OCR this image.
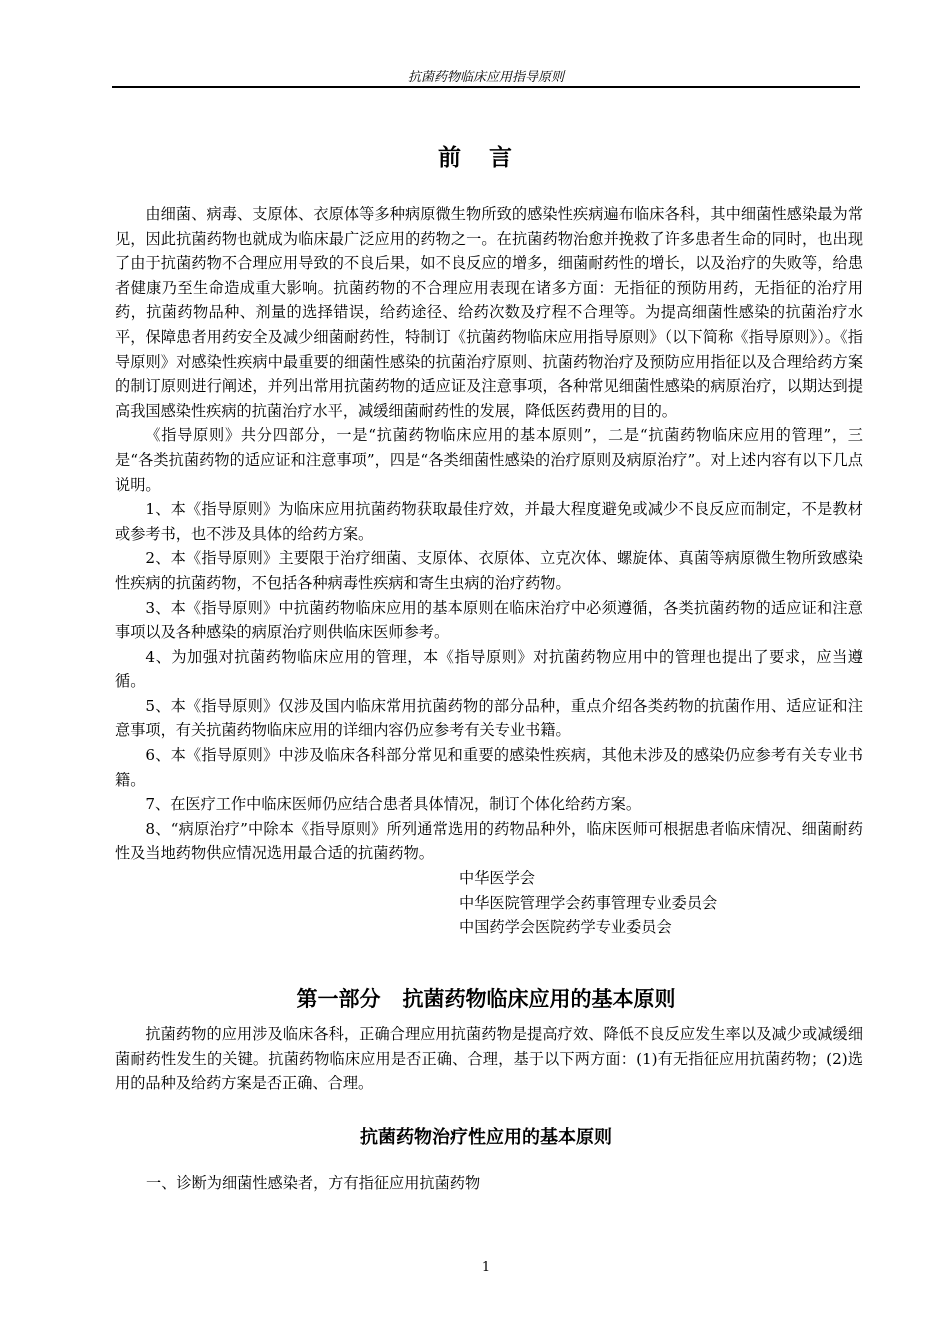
抗菌药物临床应用指导原则
前言

由细菌、病毒、支原体、衣原体等多种病原微生物所致的感染性疾病遍布临床各科，其中细菌性感染最为常见，因此抗菌药物也就成为临床最广泛应用的药物之一。在抗菌药物治愈并挽救了许多患者生命的同时，也出现了由于抗菌药物不合理应用导致的不良后果，如不良反应的增多，细菌耐药性的增长，以及治疗的失败等，给患者健康乃至生命造成重大影响。抗菌药物的不合理应用表现在诸多方面：无指征的预防用药，无指征的治疗用药，抗菌药物品种、剂量的选择错误，给药途径、给药次数及疗程不合理等。为提高细菌性感染的抗菌治疗水平，保障患者用药安全及减少细菌耐药性，特制订《抗菌药物临床应用指导原则》（以下简称《指导原则》）。《指导原则》对感染性疾病中最重要的细菌性感染的抗菌治疗原则、抗菌药物治疗及预防应用指征以及合理给药方案的制订原则进行阐述，并列出常用抗菌药物的适应证及注意事项，各种常见细菌性感染的病原治疗，以期达到提高我国感染性疾病的抗菌治疗水平，减缓细菌耐药性的发展，降低医药费用的目的。

《指导原则》共分四部分，一是“抗菌药物临床应用的基本原则”，二是“抗菌药物临床应用的管理”，三是“各类抗菌药物的适应证和注意事项”，四是“各类细菌性感染的治疗原则及病原治疗”。对上述内容有以下几点说明。

1、本《指导原则》为临床应用抗菌药物获取最佳疗效，并最大程度避免或减少不良反应而制定，不是教材或参考书，也不涉及具体的给药方案。

2、本《指导原则》主要限于治疗细菌、支原体、衣原体、立克次体、螺旋体、真菌等病原微生物所致感染性疾病的抗菌药物，不包括各种病毒性疾病和寄生虫病的治疗药物。

3、本《指导原则》中抗菌药物临床应用的基本原则在临床治疗中必须遵循，各类抗菌药物的适应证和注意事项以及各种感染的病原治疗则供临床医师参考。

4、为加强对抗菌药物临床应用的管理，本《指导原则》对抗菌药物应用中的管理也提出了要求，应当遵循。

5、本《指导原则》仅涉及国内临床常用抗菌药物的部分品种，重点介绍各类药物的抗菌作用、适应证和注意事项，有关抗菌药物临床应用的详细内容仍应参考有关专业书籍。

6、本《指导原则》中涉及临床各科部分常见和重要的感染性疾病，其他未涉及的感染仍应参考有关专业书籍。

7、在医疗工作中临床医师仍应结合患者具体情况，制订个体化给药方案。

8、“病原治疗”中除本《指导原则》所列通常选用的药物品种外，临床医师可根据患者临床情况、细菌耐药性及当地药物供应情况选用最合适的抗菌药物。

中华医学会
中华医院管理学会药事管理专业委员会
中国药学会医院药学专业委员会
第一部分 抗菌药物临床应用的基本原则

抗菌药物的应用涉及临床各科，正确合理应用抗菌药物是提高疗效、降低不良反应发生率以及减少或减缓细菌耐药性发生的关键。抗菌药物临床应用是否正确、合理，基于以下两方面：(1)有无指征应用抗菌药物；(2)选用的品种及给药方案是否正确、合理。

抗菌药物治疗性应用的基本原则
一、诊断为细菌性感染者，方有指征应用抗菌药物
1
